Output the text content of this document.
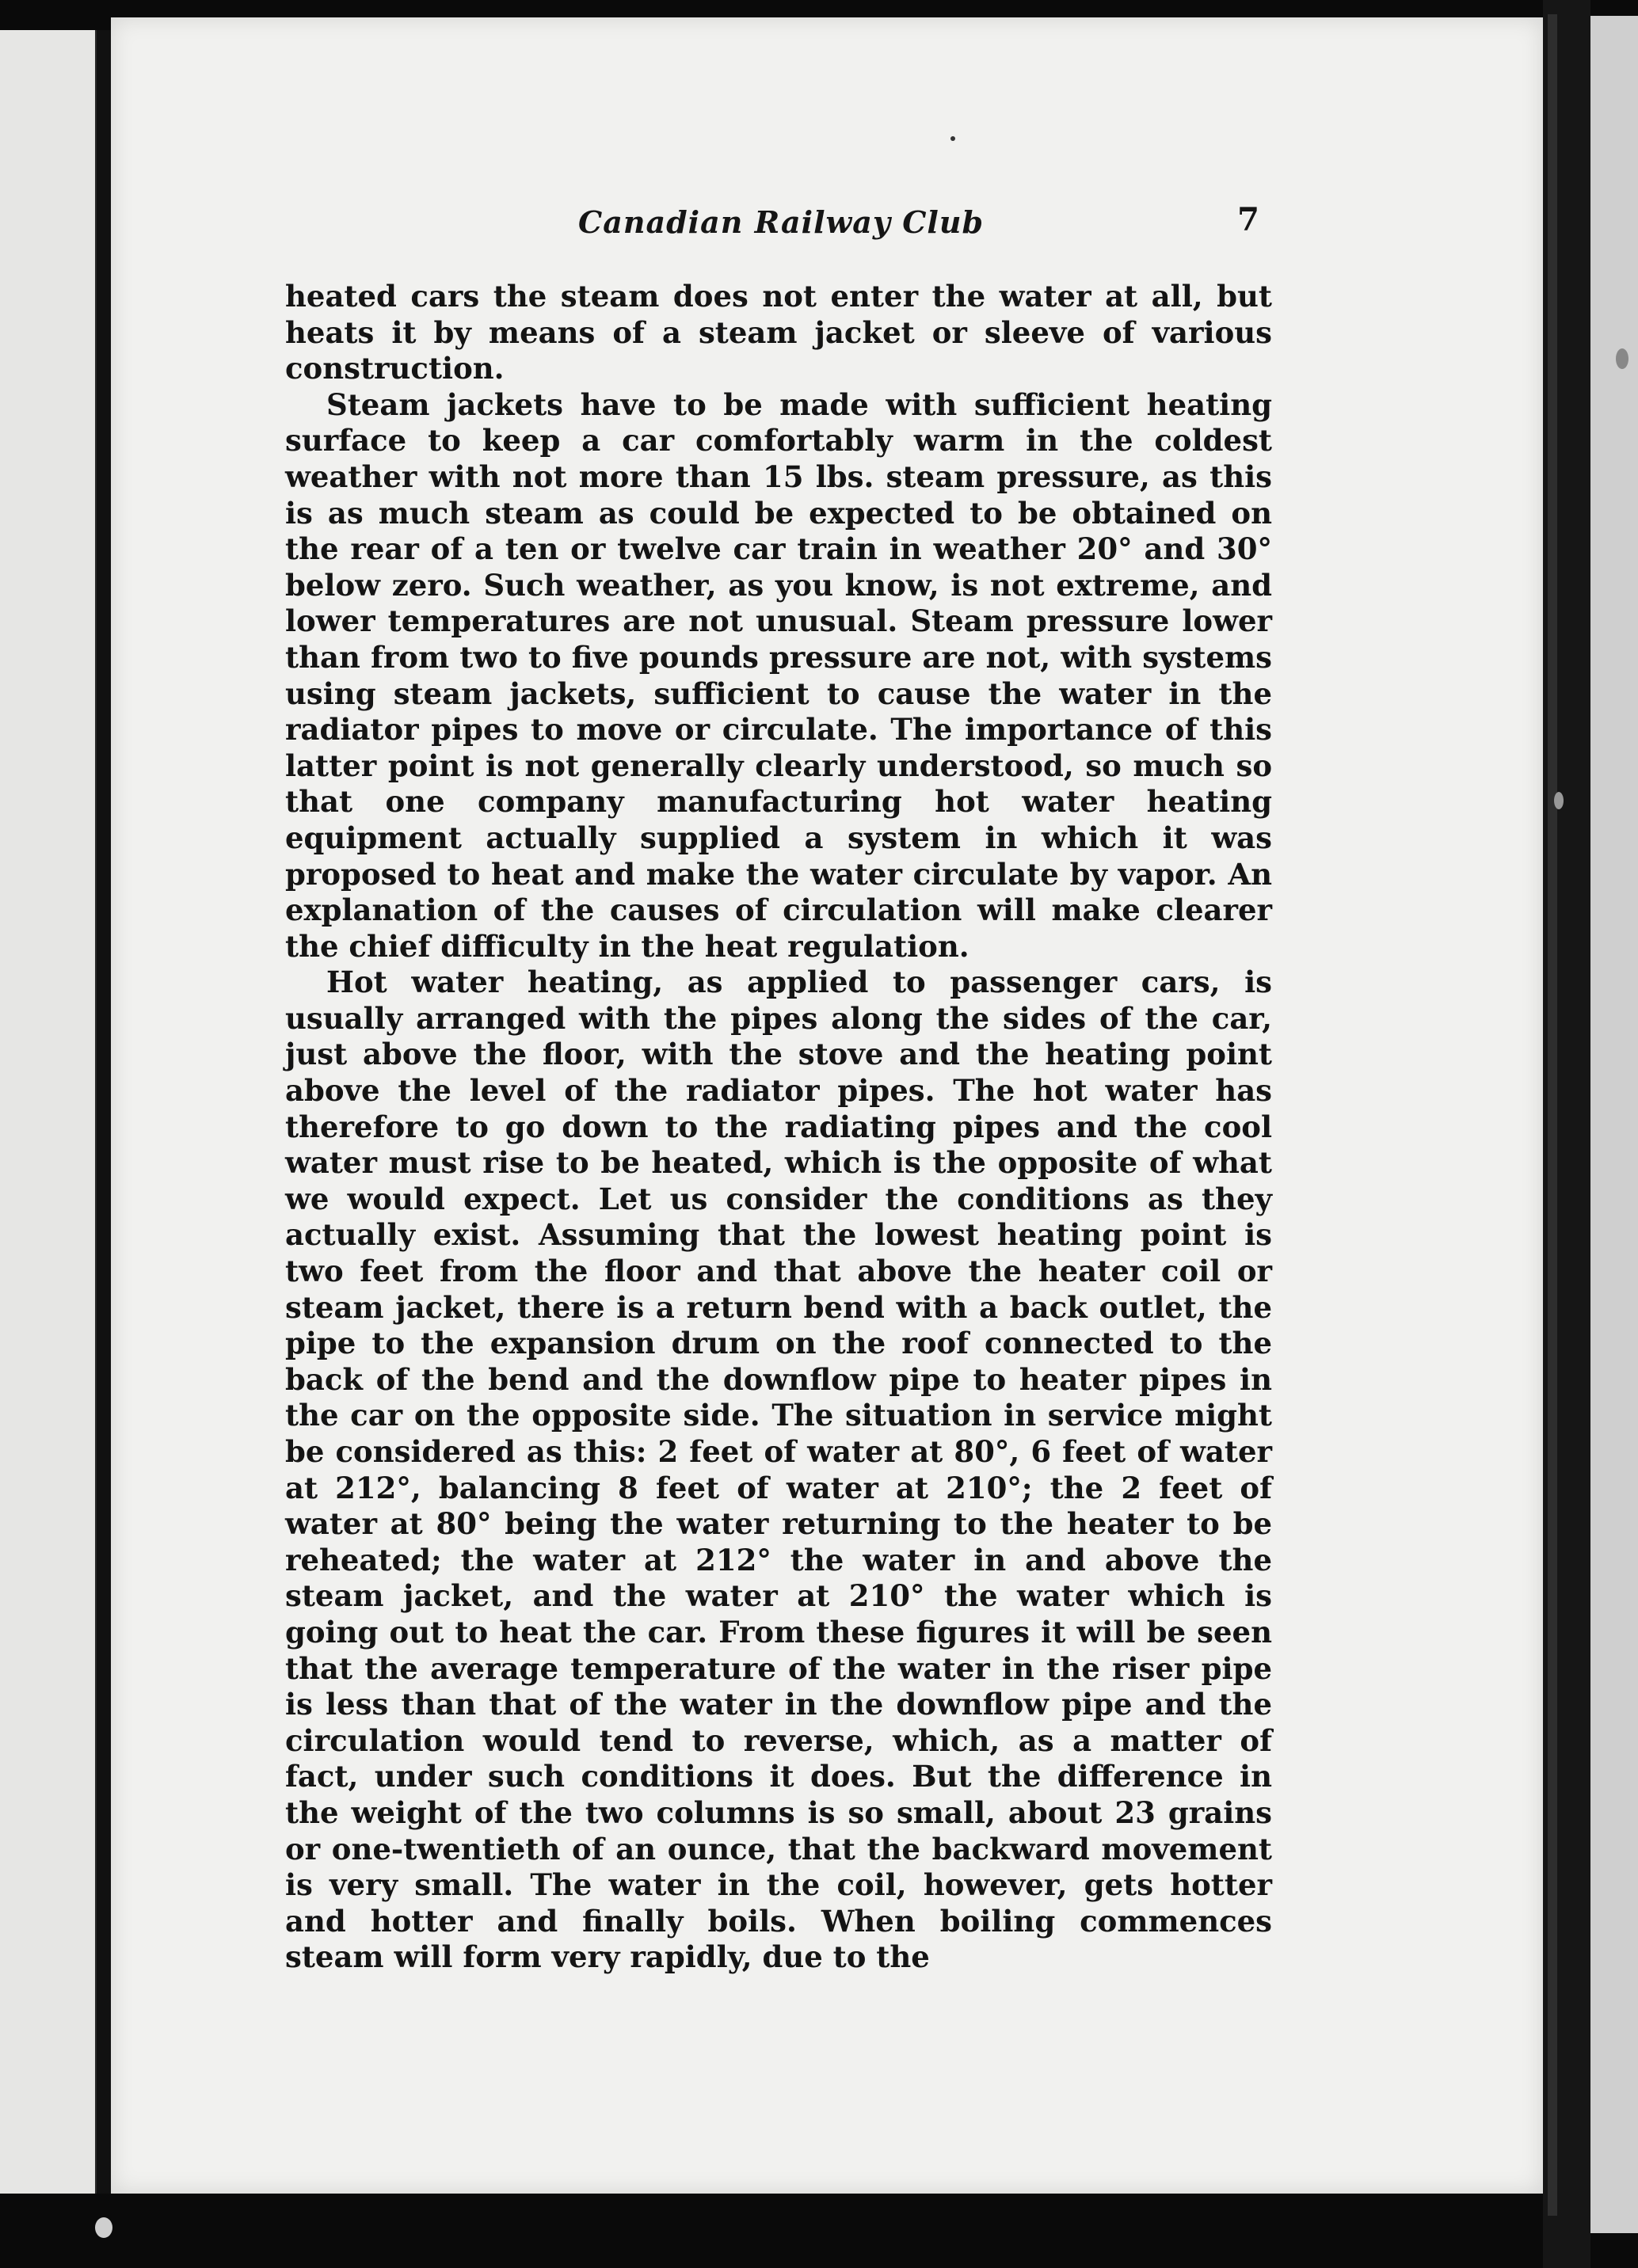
Canadian Railway Club	7

heated cars the steam does not enter the water at all, but heats it by means of a steam jacket or sleeve of various construction.

Steam jackets have to be made with sufficient heating surface to keep a car comfortably warm in the coldest weather with not more than 15 lbs. steam pressure, as this is as much steam as could be expected to be obtained on the rear of a ten or twelve car train in weather 20° and 30° below zero. Such weather, as you know, is not extreme, and lower temperatures are not unusual. Steam pressure lower than from two to five pounds pressure are not, with systems using steam jackets, sufficient to cause the water in the radiator pipes to move or circulate. The importance of this latter point is not generally clearly understood, so much so that one company manufacturing hot water heating equipment actually supplied a system in which it was proposed to heat and make the water circulate by vapor. An explanation of the causes of circulation will make clearer the chief difficulty in the heat regulation.

Hot water heating, as applied to passenger cars, is usually arranged with the pipes along the sides of the car, just above the floor, with the stove and the heating point above the level of the radiator pipes. The hot water has therefore to go down to the radiating pipes and the cool water must rise to be heated, which is the opposite of what we would expect. Let us consider the conditions as they actually exist. Assuming that the lowest heating point is two feet from the floor and that above the heater coil or steam jacket, there is a return bend with a back outlet, the pipe to the expansion drum on the roof connected to the back of the bend and the downflow pipe to heater pipes in the car on the opposite side. The situation in service might be considered as this: 2 feet of water at 80°, 6 feet of water at 212°, balancing 8 feet of water at 210°; the 2 feet of water at 80° being the water returning to the heater to be reheated; the water at 212° the water in and above the steam jacket, and the water at 210° the water which is going out to heat the car. From these figures it will be seen that the average temperature of the water in the riser pipe is less than that of the water in the downflow pipe and the circulation would tend to reverse, which, as a matter of fact, under such conditions it does. But the difference in the weight of the two columns is so small, about 23 grains or one-twentieth of an ounce, that the backward movement is very small. The water in the coil, however, gets hotter and hotter and finally boils. When boiling commences steam will form very rapidly, due to the
